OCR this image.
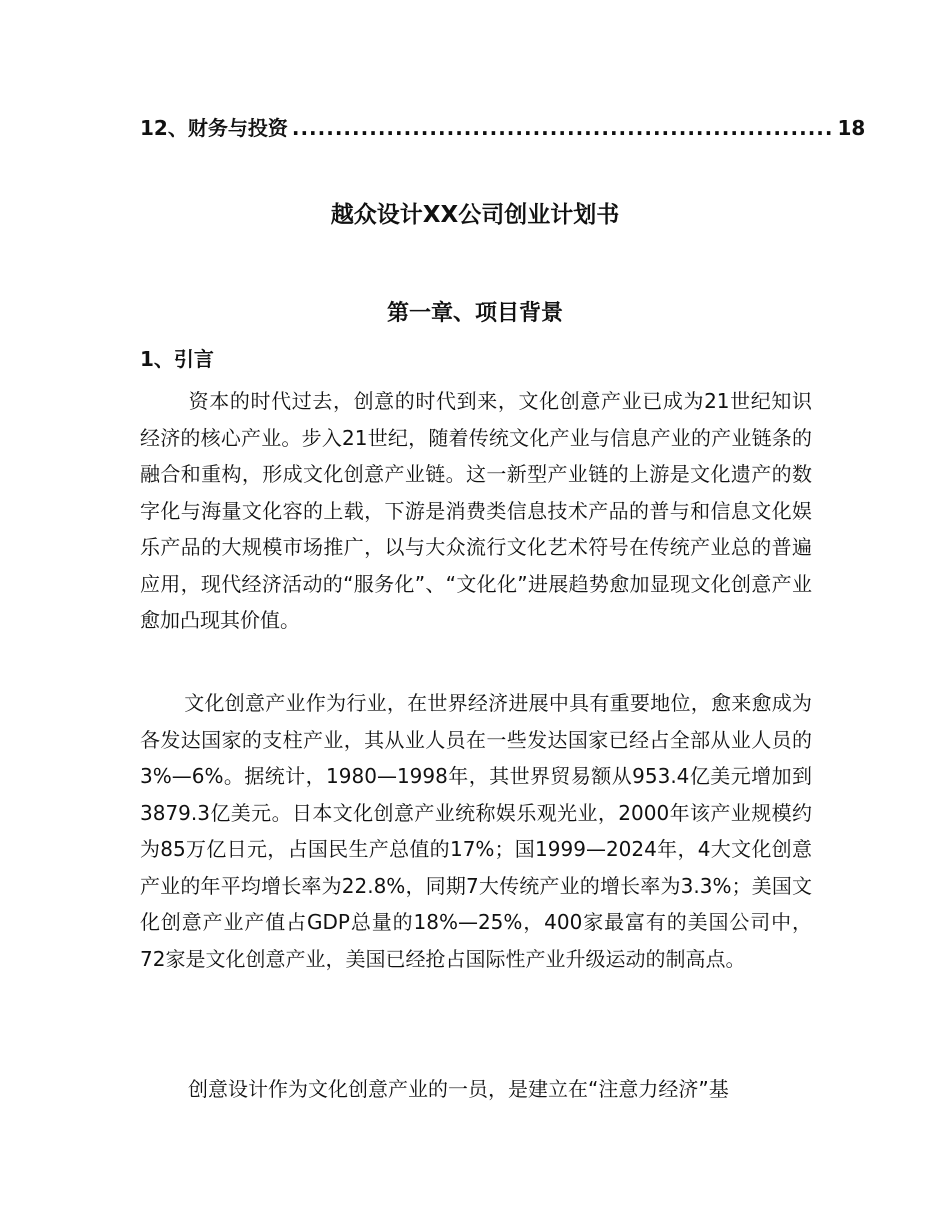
12、财务与投资 ............................................................... 18
越众设计XX公司创业计划书
第一章、项目背景
1、引言

资本的时代过去，创意的时代到来，文化创意产业已成为21世纪知识经济的核心产业。步入21世纪，随着传统文化产业与信息产业的产业链条的融合和重构，形成文化创意产业链。这一新型产业链的上游是文化遗产的数字化与海量文化容的上载，下游是消费类信息技术产品的普与和信息文化娱乐产品的大规模市场推广，以与大众流行文化艺术符号在传统产业总的普遍应用，现代经济活动的“服务化”、“文化化”进展趋势愈加显现文化创意产业愈加凸现其价值。

文化创意产业作为行业，在世界经济进展中具有重要地位，愈来愈成为各发达国家的支柱产业，其从业人员在一些发达国家已经占全部从业人员的3%—6%。据统计，1980—1998年，其世界贸易额从953.4亿美元增加到3879.3亿美元。日本文化创意产业统称娱乐观光业，2000年该产业规模约为85万亿日元，占国民生产总值的17%；国1999—2024年，4大文化创意产业的年平均增长率为22.8%，同期7大传统产业的增长率为3.3%；美国文化创意产业产值占GDP总量的18%—25%，400家最富有的美国公司中，72家是文化创意产业，美国已经抢占国际性产业升级运动的制高点。

创意设计作为文化创意产业的一员，是建立在“注意力经济”基
